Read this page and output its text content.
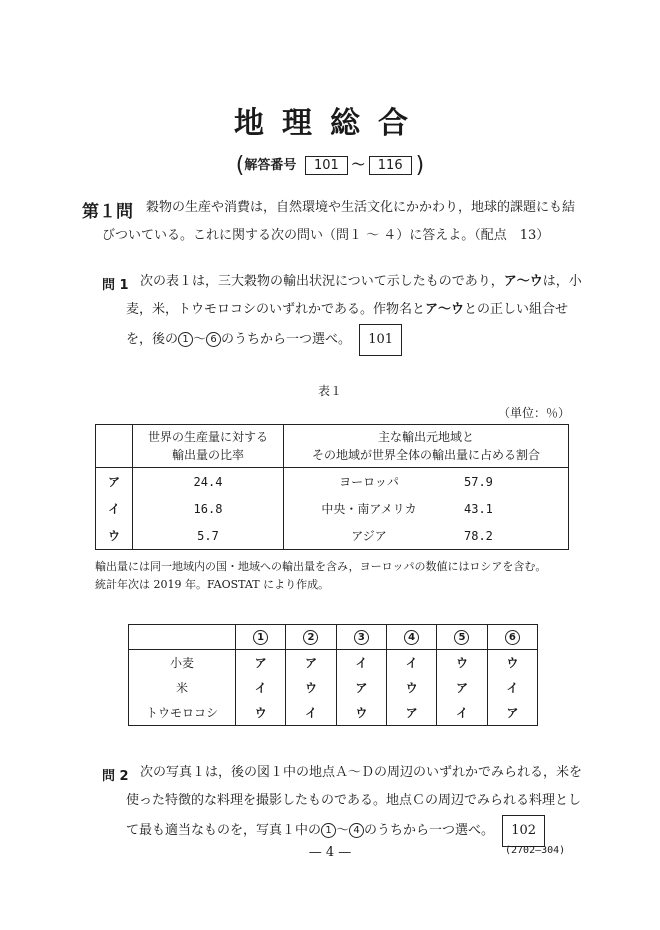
地理総合
(解答番号 101 ～ 116 )
第１問 穀物の生産や消費は，自然環境や生活文化にかかわり，地球的課題にも結
びついている。これに関する次の問い（問１ ～ ４）に答えよ。（配点　13）
問 1 次の表１は，三大穀物の輸出状況について示したものであり，ア～ウは，小
麦，米，トウモロコシのいずれかである。作物名とア～ウとの正しい組合せ
を，後の 1 ～ 6 のうちから一つ選べ。 101
表１
（単位：％）
	世界の生産量に対する
輸出量の比率	主な輸出元地域と
その地域が世界全体の輸出量に占める割合	
ア	24.4	ヨーロッパ	57.9
イ	16.8	中央・南アメリカ	43.1
ウ	5.7	アジア	78.2
輸出量には同一地域内の国・地域への輸出量を含み，ヨーロッパの数値にはロシアを含む。
統計年次は 2019 年。FAOSTAT により作成。
	1	2	3	4	5	6
小麦	ア	ア	イ	イ	ウ	ウ
米	イ	ウ	ア	ウ	ア	イ
トウモロコシ	ウ	イ	ウ	ア	イ	ア
問 2 次の写真１は，後の図１中の地点Ａ～Ｄの周辺のいずれかでみられる，米を
使った特徴的な料理を撮影したものである。地点Ｃの周辺でみられる料理とし
て最も適当なものを，写真１中の 1 ～ 4 のうちから一つ選べ。 102
— 4 —	(2702—304)
